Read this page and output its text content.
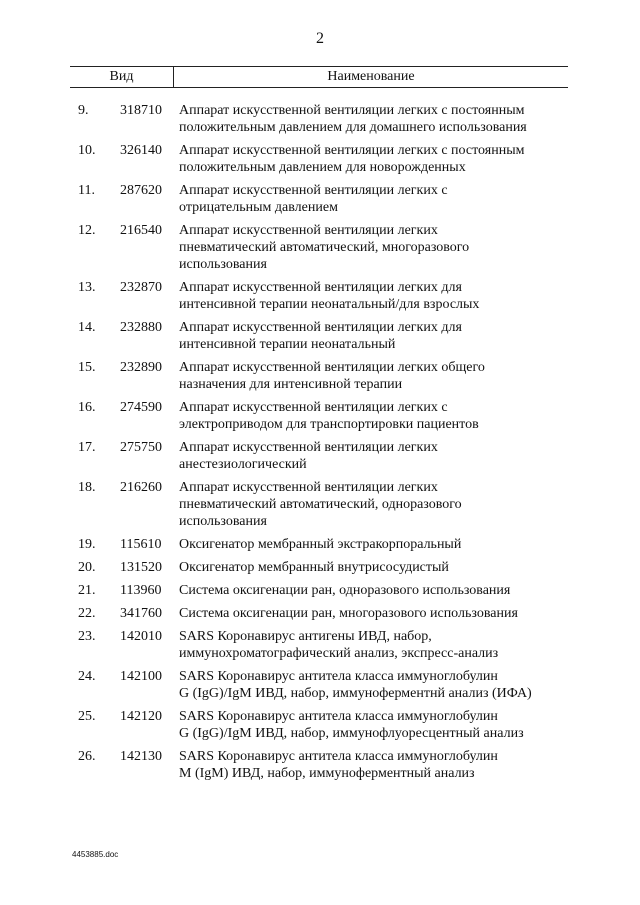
2
Вид	Наименование
9.	318710	Аппарат искусственной вентиляции легких с постоянным
положительным давлением для домашнего использования
10.	326140	Аппарат искусственной вентиляции легких с постоянным
положительным давлением для новорожденных
11.	287620	Аппарат искусственной вентиляции легких с
отрицательным давлением
12.	216540	Аппарат искусственной вентиляции легких
пневматический автоматический, многоразового
использования
13.	232870	Аппарат искусственной вентиляции легких для
интенсивной терапии неонатальный/для взрослых
14.	232880	Аппарат искусственной вентиляции легких для
интенсивной терапии неонатальный
15.	232890	Аппарат искусственной вентиляции легких общего
назначения для интенсивной терапии
16.	274590	Аппарат искусственной вентиляции легких с
электроприводом для транспортировки пациентов
17.	275750	Аппарат искусственной вентиляции легких
анестезиологический
18.	216260	Аппарат искусственной вентиляции легких
пневматический автоматический, одноразового
использования
19.	115610	Оксигенатор мембранный экстракорпоральный
20.	131520	Оксигенатор мембранный внутрисосудистый
21.	113960	Система оксигенации ран, одноразового использования
22.	341760	Система оксигенации ран, многоразового использования
23.	142010	SARS Коронавирус антигены ИВД, набор,
иммунохроматографический анализ, экспресс-анализ
24.	142100	SARS Коронавирус антитела класса иммуноглобулин
G (IgG)/IgM ИВД, набор, иммуноферментнй анализ (ИФА)
25.	142120	SARS Коронавирус антитела класса иммуноглобулин
G (IgG)/IgM ИВД, набор, иммунофлуоресцентный анализ
26.	142130	SARS Коронавирус антитела класса иммуноглобулин
M (IgM) ИВД, набор, иммуноферментный анализ
4453885.doc
